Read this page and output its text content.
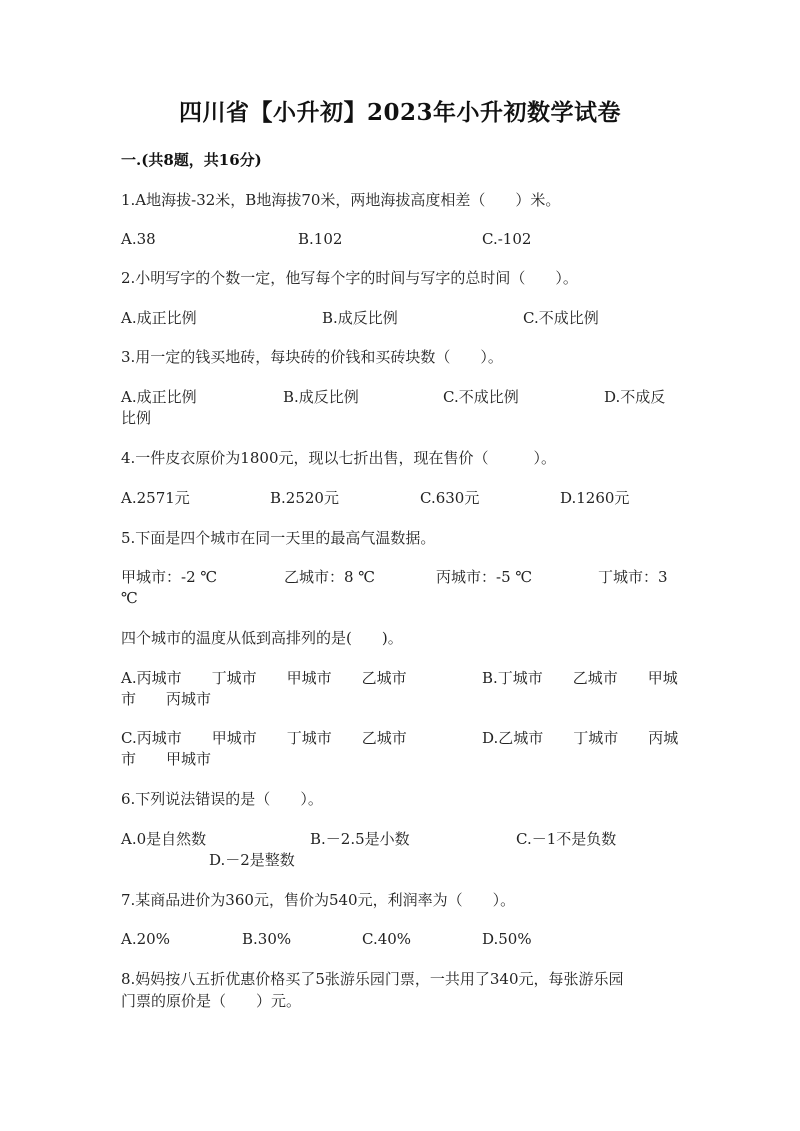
四川省【小升初】2023年小升初数学试卷
一.(共8题，共16分)
1.A地海拔-32米，B地海拔70米，两地海拔高度相差（　　）米。
A.38	B.102	C.-102
2.小明写字的个数一定，他写每个字的时间与写字的总时间（　　）。
A.成正比例	B.成反比例	C.不成比例
3.用一定的钱买地砖，每块砖的价钱和买砖块数（　　）。
A.成正比例	B.成反比例	C.不成比例	D.不成反
比例
4.一件皮衣原价为1800元，现以七折出售，现在售价（　　　）。
A.2571元	B.2520元	C.630元	D.1260元
5.下面是四个城市在同一天里的最高气温数据。
甲城市：-2 ℃	乙城市：8 ℃	丙城市：-5 ℃	丁城市：3
℃
四个城市的温度从低到高排列的是(　　)。
A.丙城市　　丁城市　　甲城市　　乙城市	B.丁城市　　乙城市　　甲城
市　　丙城市
C.丙城市　　甲城市　　丁城市　　乙城市	D.乙城市　　丁城市　　丙城
市　　甲城市
6.下列说法错误的是（　　）。
A.0是自然数	B.－2.5是小数	C.－1不是负数
D.－2是整数
7.某商品进价为360元，售价为540元，利润率为（　　）。
A.20%	B.30%	C.40%	D.50%
8.妈妈按八五折优惠价格买了5张游乐园门票，一共用了340元，每张游乐园
门票的原价是（　　）元。
